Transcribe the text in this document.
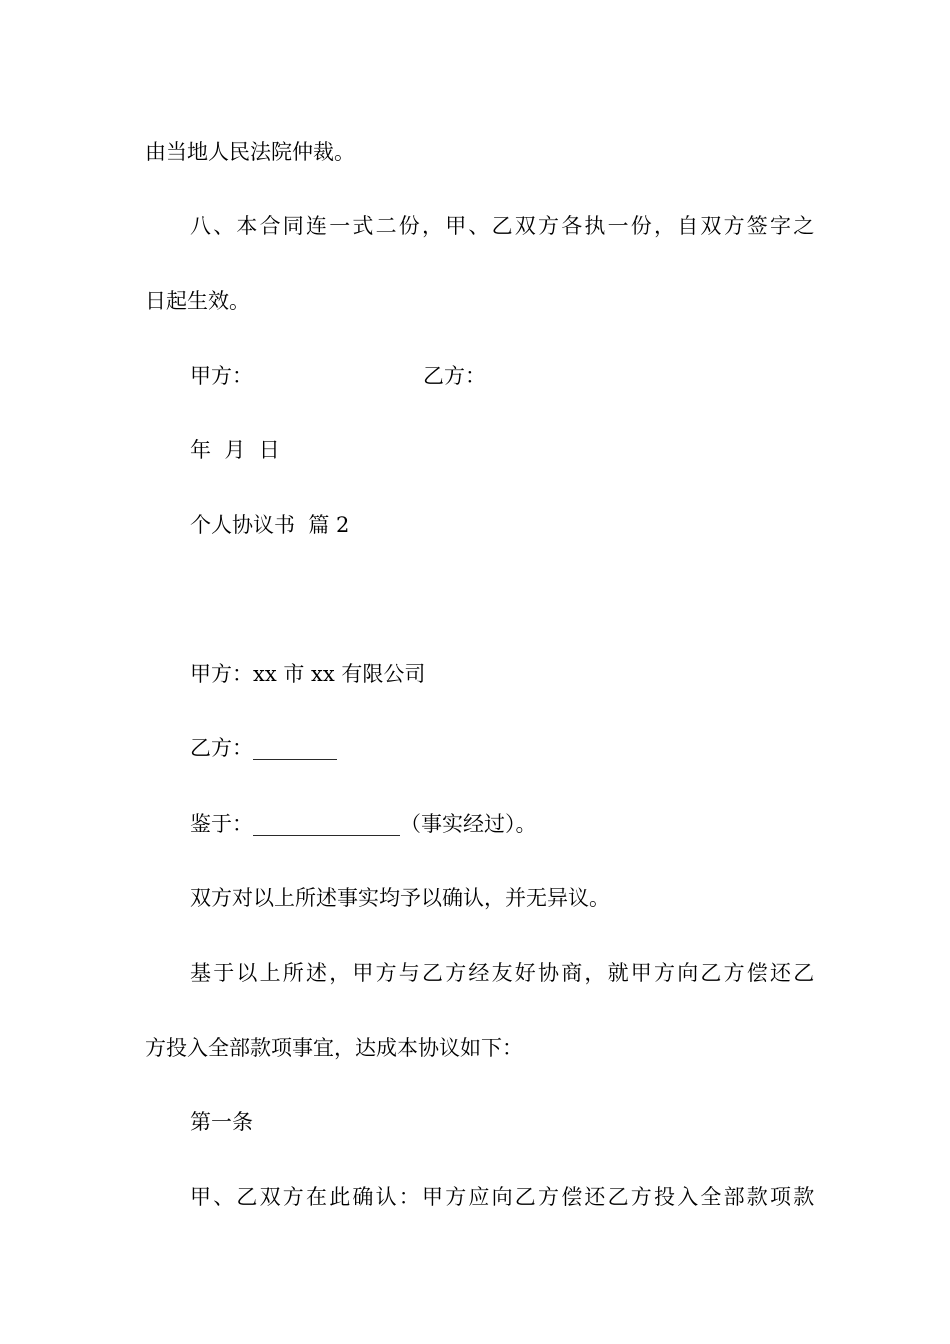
由当地人民法院仲裁。
八、本合同连一式二份，甲、乙双方各执一份，自双方签字之
日起生效。
甲方：	乙方：
年  月  日
个人协议书  篇 2
甲方：xx 市 xx 有限公司
乙方：________
鉴于：______________（事实经过）。
双方对以上所述事实均予以确认，并无异议。
基于以上所述，甲方与乙方经友好协商，就甲方向乙方偿还乙
方投入全部款项事宜，达成本协议如下：
第一条
甲、乙双方在此确认：甲方应向乙方偿还乙方投入全部款项款
